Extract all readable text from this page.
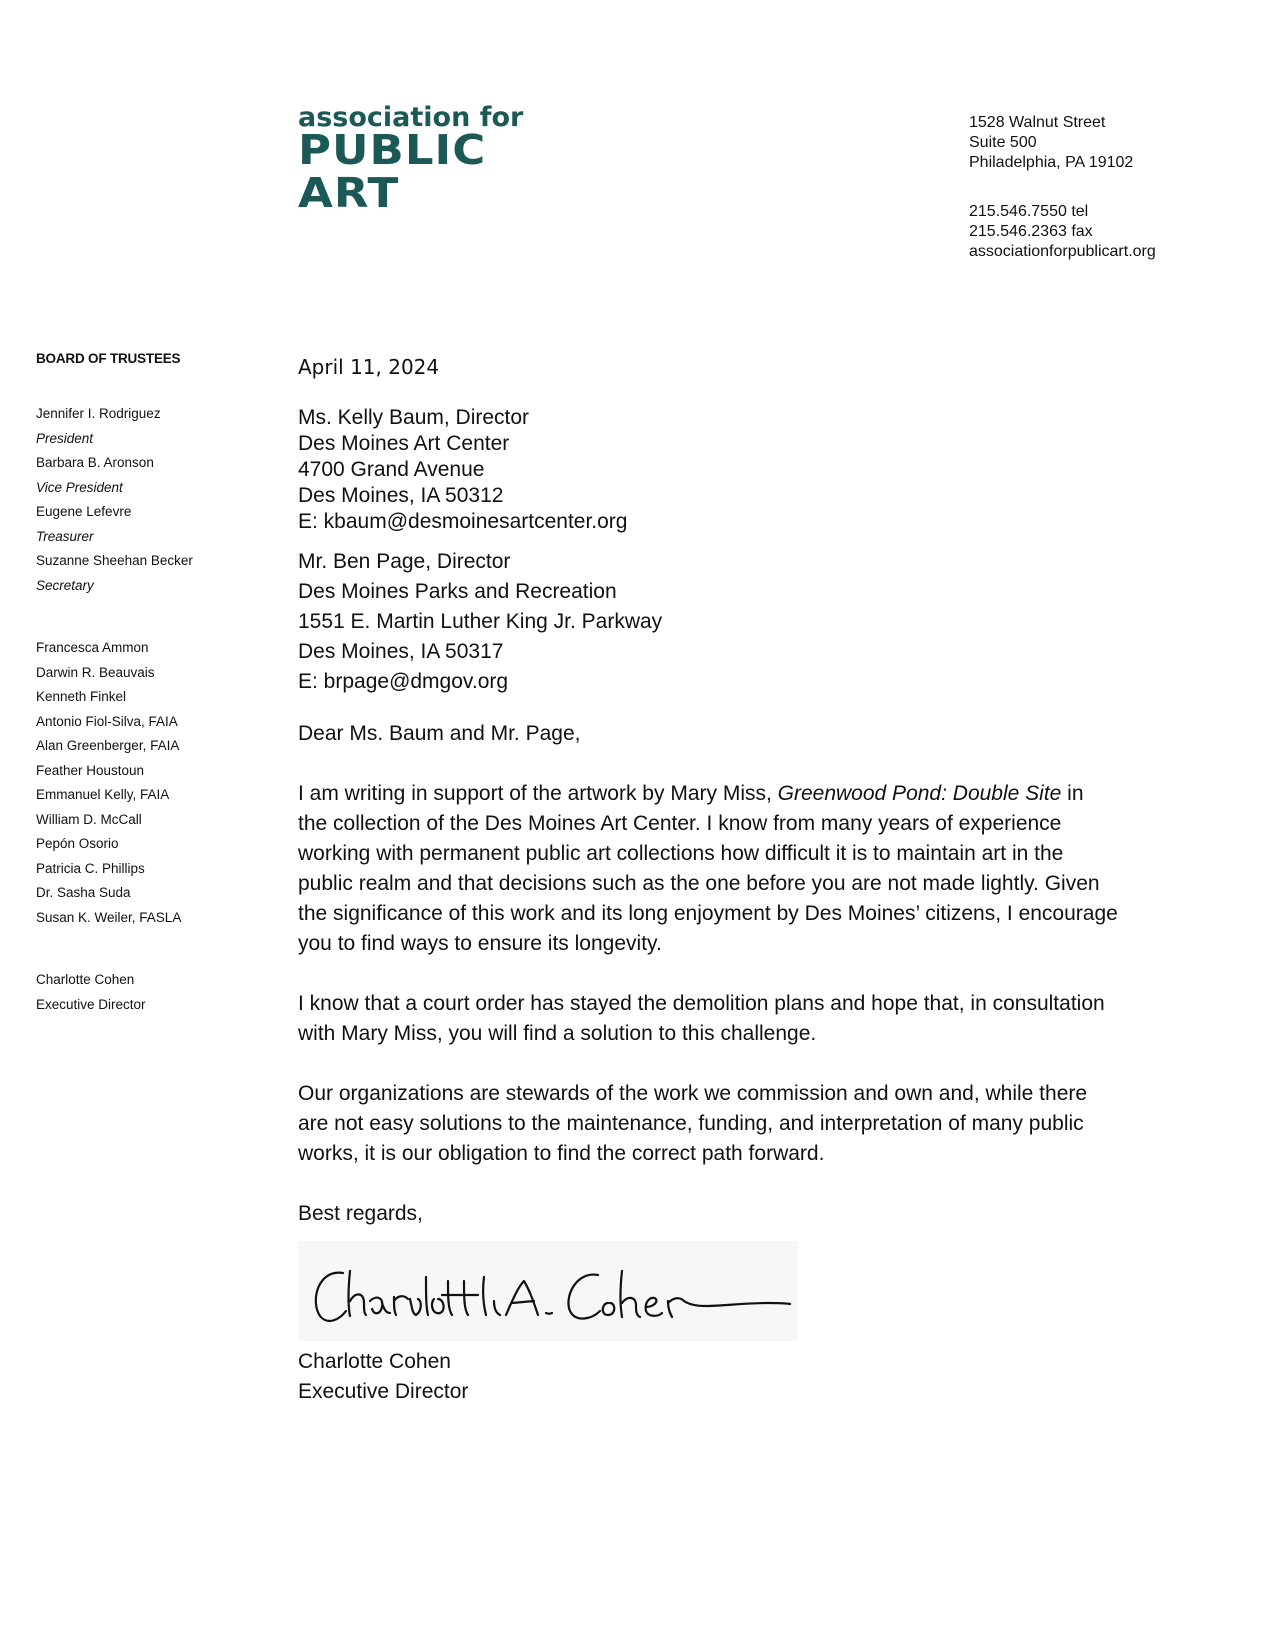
association for
PUBLIC
ART
1528 Walnut Street
Suite 500
Philadelphia, PA 19102
215.546.7550 tel
215.546.2363 fax
associationforpublicart.org
BOARD OF TRUSTEES
Jennifer I. Rodriguez
President
Barbara B. Aronson
Vice President
Eugene Lefevre
Treasurer
Suzanne Sheehan Becker
Secretary
Francesca Ammon
Darwin R. Beauvais
Kenneth Finkel
Antonio Fiol-Silva, FAIA
Alan Greenberger, FAIA
Feather Houstoun
Emmanuel Kelly, FAIA
William D. McCall
Pepón Osorio
Patricia C. Phillips
Dr. Sasha Suda
Susan K. Weiler, FASLA
Charlotte Cohen
Executive Director
April 11, 2024
Ms. Kelly Baum, Director
Des Moines Art Center
4700 Grand Avenue
Des Moines, IA 50312
E: kbaum@desmoinesartcenter.org
Mr. Ben Page, Director
Des Moines Parks and Recreation
1551 E. Martin Luther King Jr. Parkway
Des Moines, IA 50317
E: brpage@dmgov.org
Dear Ms. Baum and Mr. Page,
I am writing in support of the artwork by Mary Miss, Greenwood Pond: Double Site in the collection of the Des Moines Art Center. I know from many years of experience working with permanent public art collections how difficult it is to maintain art in the public realm and that decisions such as the one before you are not made lightly. Given the significance of this work and its long enjoyment by Des Moines’ citizens, I encourage you to find ways to ensure its longevity.
I know that a court order has stayed the demolition plans and hope that, in consultation with Mary Miss, you will find a solution to this challenge.
Our organizations are stewards of the work we commission and own and, while there are not easy solutions to the maintenance, funding, and interpretation of many public works, it is our obligation to find the correct path forward.
Best regards,
Charlotte Cohen
Executive Director
